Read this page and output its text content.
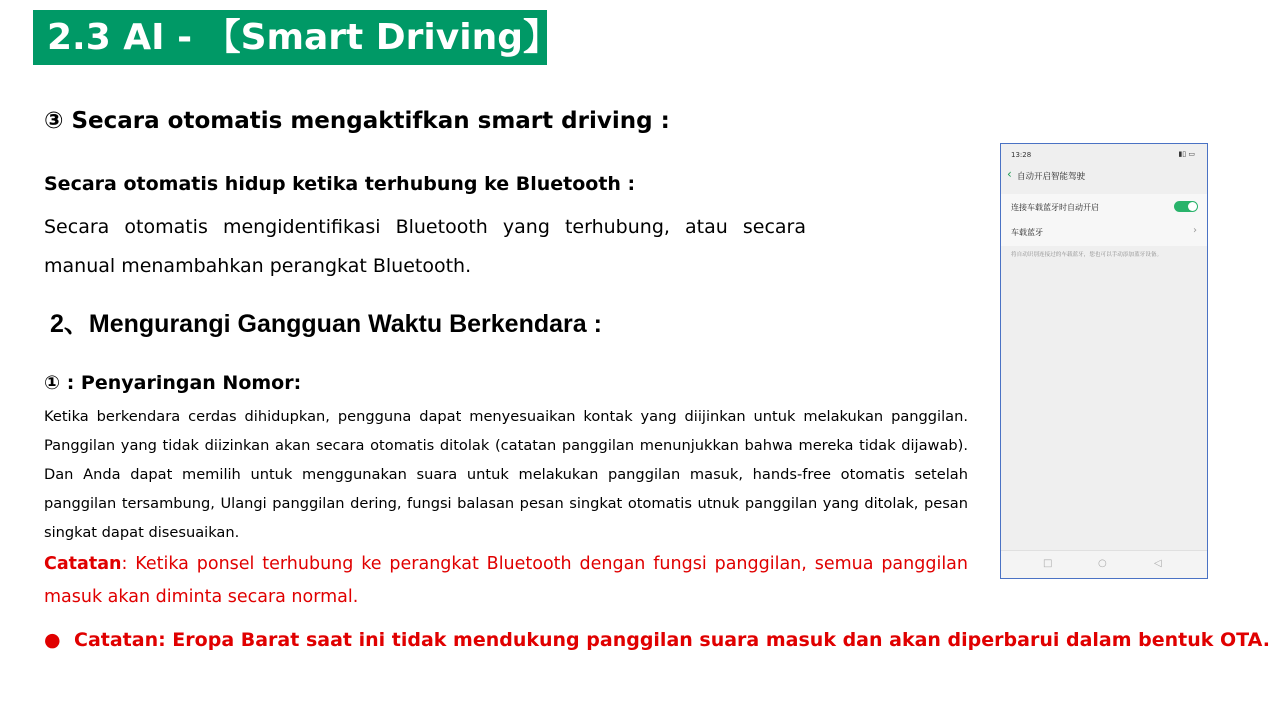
2.3 AI - 【Smart Driving】
③ Secara otomatis mengaktifkan smart driving :
Secara otomatis hidup ketika terhubung ke Bluetooth :
Secara otomatis mengidentifikasi Bluetooth yang terhubung, atau secara manual menambahkan perangkat Bluetooth.
2、Mengurangi Gangguan Waktu Berkendara :
① : Penyaringan Nomor:
Ketika berkendara cerdas dihidupkan, pengguna dapat menyesuaikan kontak yang diijinkan untuk melakukan panggilan. Panggilan yang tidak diizinkan akan secara otomatis ditolak (catatan panggilan menunjukkan bahwa mereka tidak dijawab). Dan Anda dapat memilih untuk menggunakan suara untuk melakukan panggilan masuk, hands-free otomatis setelah panggilan tersambung, Ulangi panggilan dering, fungsi balasan pesan singkat otomatis utnuk panggilan yang ditolak, pesan singkat dapat disesuaikan.
Catatan: Ketika ponsel terhubung ke perangkat Bluetooth dengan fungsi panggilan, semua panggilan masuk akan diminta secara normal.
● Catatan: Eropa Barat saat ini tidak mendukung panggilan suara masuk dan akan diperbarui dalam bentuk OTA.
13:28	▮▯ ▭
‹ 自动开启智能驾驶
连接车载蓝牙时自动开启
车载蓝牙	›
将自动识别连接过的车载蓝牙，您也可以手动添加蓝牙设备。
□	○	◁
